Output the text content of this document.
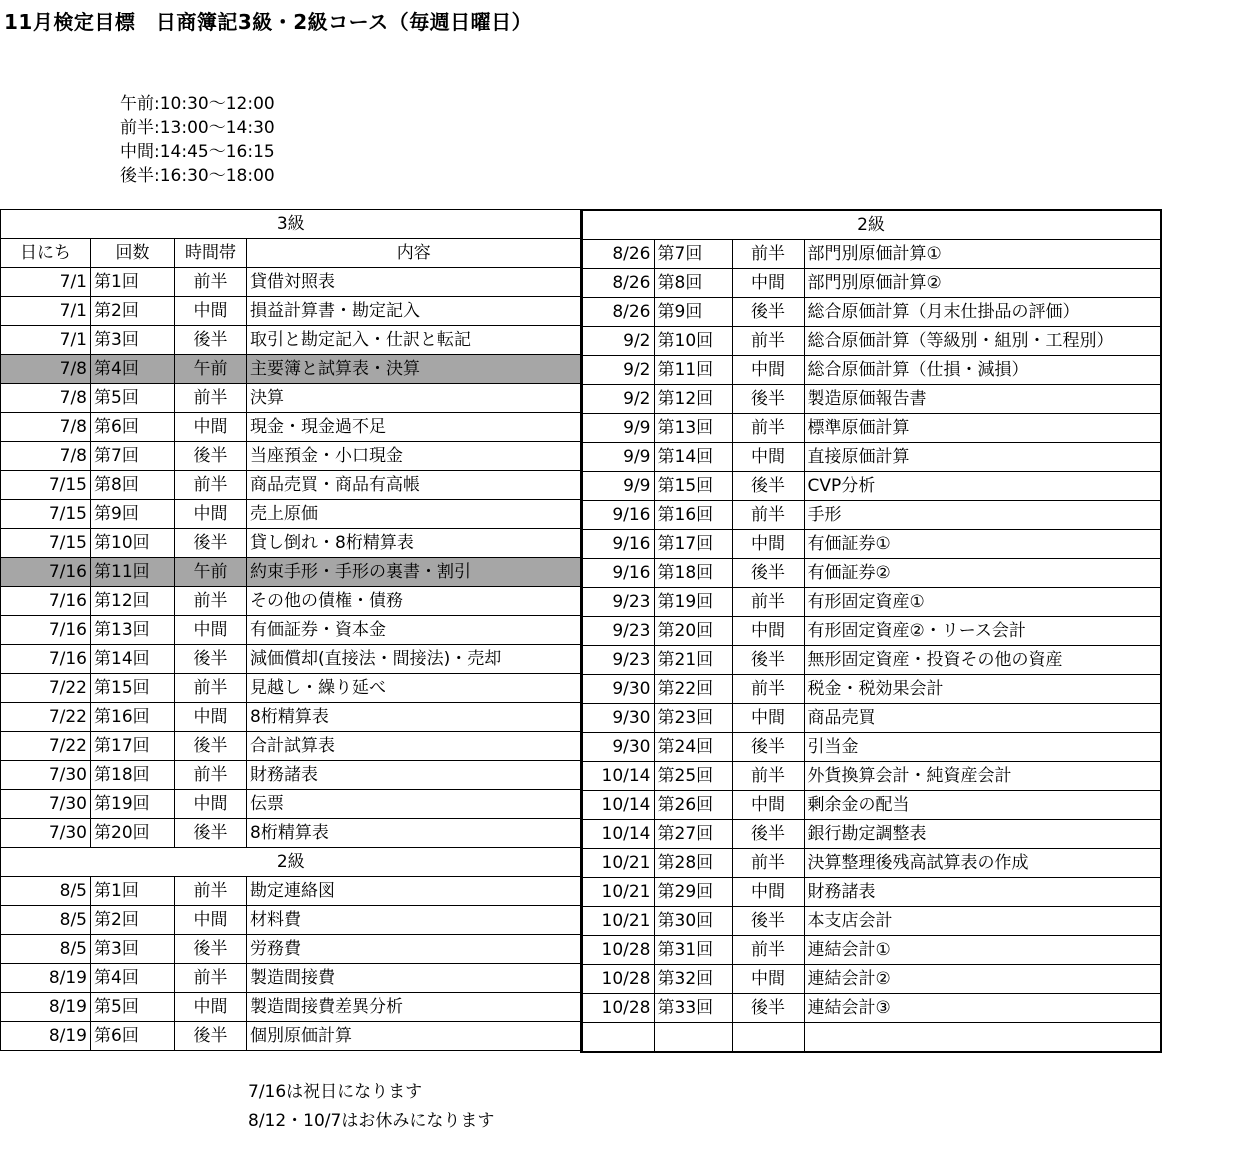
11月検定目標　日商簿記3級・2級コース（毎週日曜日）
午前:10:30～12:00
前半:13:00～14:30
中間:14:45～16:15
後半:16:30～18:00
3級			
日にち	回数	時間帯	内容
7/1	第1回	前半	貸借対照表
7/1	第2回	中間	損益計算書・勘定記入
7/1	第3回	後半	取引と勘定記入・仕訳と転記
7/8	第4回	午前	主要簿と試算表・決算
7/8	第5回	前半	決算
7/8	第6回	中間	現金・現金過不足
7/8	第7回	後半	当座預金・小口現金
7/15	第8回	前半	商品売買・商品有高帳
7/15	第9回	中間	売上原価
7/15	第10回	後半	貸し倒れ・8桁精算表
7/16	第11回	午前	約束手形・手形の裏書・割引
7/16	第12回	前半	その他の債権・債務
7/16	第13回	中間	有価証券・資本金
7/16	第14回	後半	減価償却(直接法・間接法)・売却
7/22	第15回	前半	見越し・繰り延べ
7/22	第16回	中間	8桁精算表
7/22	第17回	後半	合計試算表
7/30	第18回	前半	財務諸表
7/30	第19回	中間	伝票
7/30	第20回	後半	8桁精算表
2級			
8/5	第1回	前半	勘定連絡図
8/5	第2回	中間	材料費
8/5	第3回	後半	労務費
8/19	第4回	前半	製造間接費
8/19	第5回	中間	製造間接費差異分析
8/19	第6回	後半	個別原価計算
2級			
8/26	第7回	前半	部門別原価計算①
8/26	第8回	中間	部門別原価計算②
8/26	第9回	後半	総合原価計算（月末仕掛品の評価）
9/2	第10回	前半	総合原価計算（等級別・組別・工程別）
9/2	第11回	中間	総合原価計算（仕損・減損）
9/2	第12回	後半	製造原価報告書
9/9	第13回	前半	標準原価計算
9/9	第14回	中間	直接原価計算
9/9	第15回	後半	CVP分析
9/16	第16回	前半	手形
9/16	第17回	中間	有価証券①
9/16	第18回	後半	有価証券②
9/23	第19回	前半	有形固定資産①
9/23	第20回	中間	有形固定資産②・リース会計
9/23	第21回	後半	無形固定資産・投資その他の資産
9/30	第22回	前半	税金・税効果会計
9/30	第23回	中間	商品売買
9/30	第24回	後半	引当金
10/14	第25回	前半	外貨換算会計・純資産会計
10/14	第26回	中間	剰余金の配当
10/14	第27回	後半	銀行勘定調整表
10/21	第28回	前半	決算整理後残高試算表の作成
10/21	第29回	中間	財務諸表
10/21	第30回	後半	本支店会計
10/28	第31回	前半	連結会計①
10/28	第32回	中間	連結会計②
10/28	第33回	後半	連結会計③

7/16は祝日になります
8/12・10/7はお休みになります
